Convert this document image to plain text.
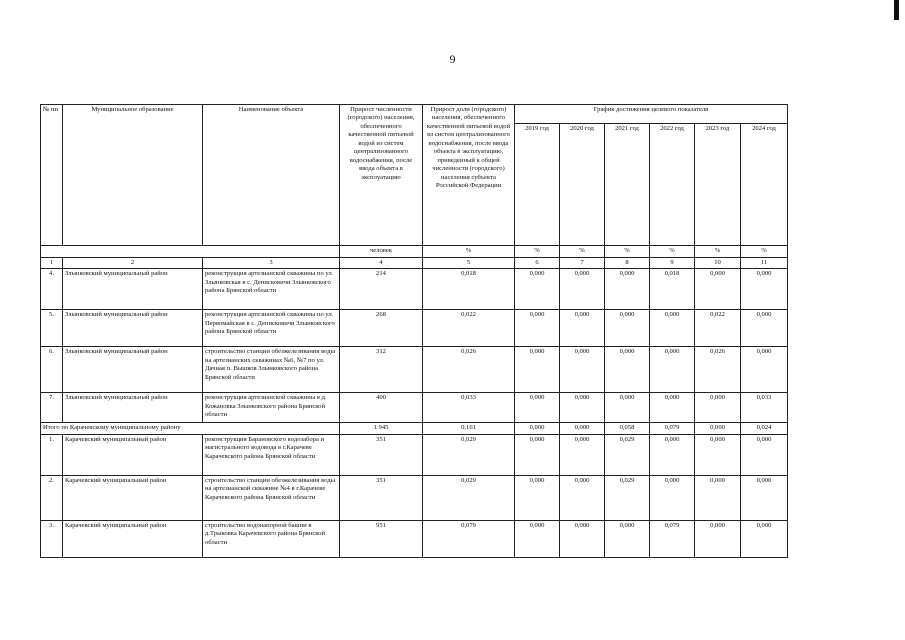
9
№ пп	Муниципальное образование	Наименование объекта	Прирост численности (городского) населения, обеспеченного качественной питьевой водой из систем централизованного водоснабжения, после ввода объекта в эксплуатацию	Прирост доли (городского) населения, обеспеченного качественной питьевой водой из систем централизованного водоснабжения, после ввода объекта в эксплуатацию, приведенный к общей численности (городского) населения субъекта Российской Федерации	График достижения целевого показателя					
					2019 год	2020 год	2021 год	2022 год	2023 год	2024 год
			человек	%	%	%	%	%	%	%
1	2	3	4	5	6	7	8	9	10	11
4.	Злынковский муниципальный район	реконструкция артезианской скважины по ул. Злынковская в с. Денисковичи Злынковского района Брянской области	214	0,018	0,000	0,000	0,000	0,018	0,000	0,000
5.	Злынковский муниципальный район	реконструкция артезианской скважины по ул. Первомайская в с. Денисковичи Злынковского района Брянской области	268	0,022	0,000	0,000	0,000	0,000	0,022	0,000
6.	Злынковский муниципальный район	строительство станции обезжелезивания воды на артезианских скважинах №6, №7 по ул. Дачная п. Вышков Злынковского района Брянской области	312	0,026	0,000	0,000	0,000	0,000	0,026	0,000
7.	Злынковский муниципальный район	реконструкция артезианской скважины в д. Кожановка Злынковского района Брянской области	400	0,033	0,000	0,000	0,000	0,000	0,000	0,033
Итого по Карачевскому муниципальному району			1 945	0,161	0,000	0,000	0,058	0,079	0,000	0,024
1.	Карачевский муниципальный район	реконструкция Барановского водозабора и магистрального водовода в г.Карачеве Карачевского района Брянской области	351	0,029	0,000	0,000	0,029	0,000	0,000	0,000
2.	Карачевский муниципальный район	строительство станции обезжелезивания воды на артезианской скважине №4 в г.Карачеве Карачевского района Брянской области	351	0,029	0,000	0,000	0,029	0,000	0,000	0,000
3.	Карачевский муниципальный район	строительство водонапорной башни в д.Трыковка Карачевского района Брянской области	951	0,079	0,000	0,000	0,000	0,079	0,000	0,000
